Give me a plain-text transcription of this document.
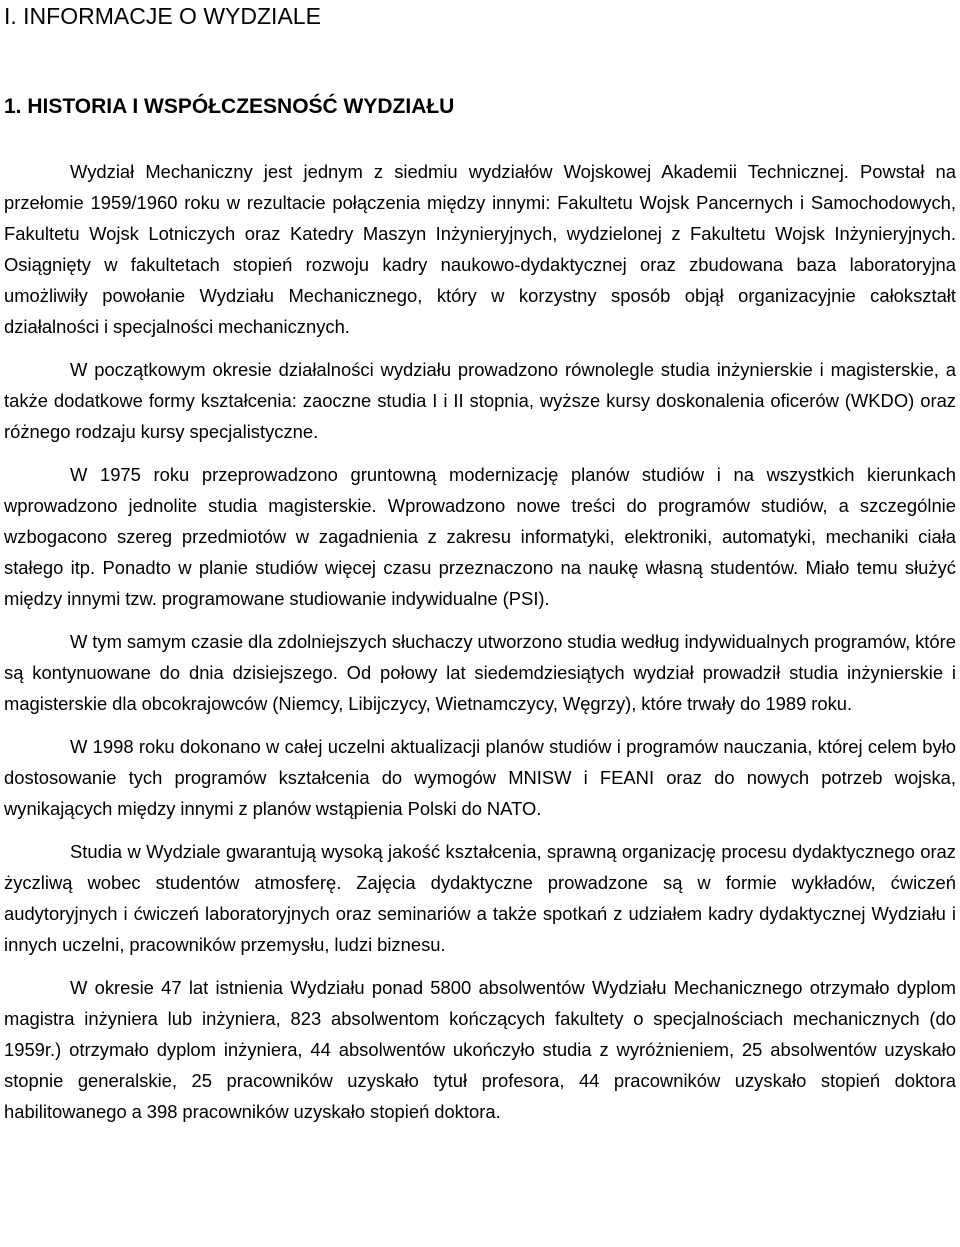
I. INFORMACJE O WYDZIALE
1. HISTORIA I WSPÓŁCZESNOŚĆ WYDZIAŁU

Wydział Mechaniczny jest jednym z siedmiu wydziałów Wojskowej Akademii Technicznej. Powstał na przełomie 1959/1960 roku w rezultacie połączenia między innymi: Fakultetu Wojsk Pancernych i Samochodowych, Fakultetu Wojsk Lotniczych oraz Katedry Maszyn Inżynieryjnych, wydzielonej z Fakultetu Wojsk Inżynieryjnych. Osiągnięty w fakultetach stopień rozwoju kadry naukowo-dydaktycznej oraz zbudowana baza laboratoryjna umożliwiły powołanie Wydziału Mechanicznego, który w korzystny sposób objął organizacyjnie całokształt działalności i specjalności mechanicznych.

W początkowym okresie działalności wydziału prowadzono równolegle studia inżynierskie i magisterskie, a także dodatkowe formy kształcenia: zaoczne studia I i II stopnia, wyższe kursy doskonalenia oficerów (WKDO) oraz różnego rodzaju kursy specjalistyczne.

W 1975 roku przeprowadzono gruntowną modernizację planów studiów i na wszystkich kierunkach wprowadzono jednolite studia magisterskie. Wprowadzono nowe treści do programów studiów, a szczególnie wzbogacono szereg przedmiotów w zagadnienia z zakresu informatyki, elektroniki, automatyki, mechaniki ciała stałego itp. Ponadto w planie studiów więcej czasu przeznaczono na naukę własną studentów. Miało temu służyć między innymi tzw. programowane studiowanie indywidualne (PSI).

W tym samym czasie dla zdolniejszych słuchaczy utworzono studia według indywidualnych programów, które są kontynuowane do dnia dzisiejszego. Od połowy lat siedemdziesiątych wydział prowadził studia inżynierskie i magisterskie dla obcokrajowców (Niemcy, Libijczycy, Wietnamczycy, Węgrzy), które trwały do 1989 roku.

W 1998 roku dokonano w całej uczelni aktualizacji planów studiów i programów nauczania, której celem było dostosowanie tych programów kształcenia do wymogów MNISW i FEANI oraz do nowych potrzeb wojska, wynikających między innymi z planów wstąpienia Polski do NATO.

Studia w Wydziale gwarantują wysoką jakość kształcenia, sprawną organizację procesu dydaktycznego oraz życzliwą wobec studentów atmosferę. Zajęcia dydaktyczne prowadzone są w formie wykładów, ćwiczeń audytoryjnych i ćwiczeń laboratoryjnych oraz seminariów a także spotkań z udziałem kadry dydaktycznej Wydziału i innych uczelni, pracowników przemysłu, ludzi biznesu.

W okresie 47 lat istnienia Wydziału ponad 5800 absolwentów Wydziału Mechanicznego otrzymało dyplom magistra inżyniera lub inżyniera, 823 absolwentom kończących fakultety o specjalnościach mechanicznych (do 1959r.) otrzymało dyplom inżyniera, 44 absolwentów ukończyło studia z wyróżnieniem, 25 absolwentów uzyskało stopnie generalskie, 25 pracowników uzyskało tytuł profesora, 44 pracowników uzyskało stopień doktora habilitowanego a 398 pracowników uzyskało stopień doktora.
